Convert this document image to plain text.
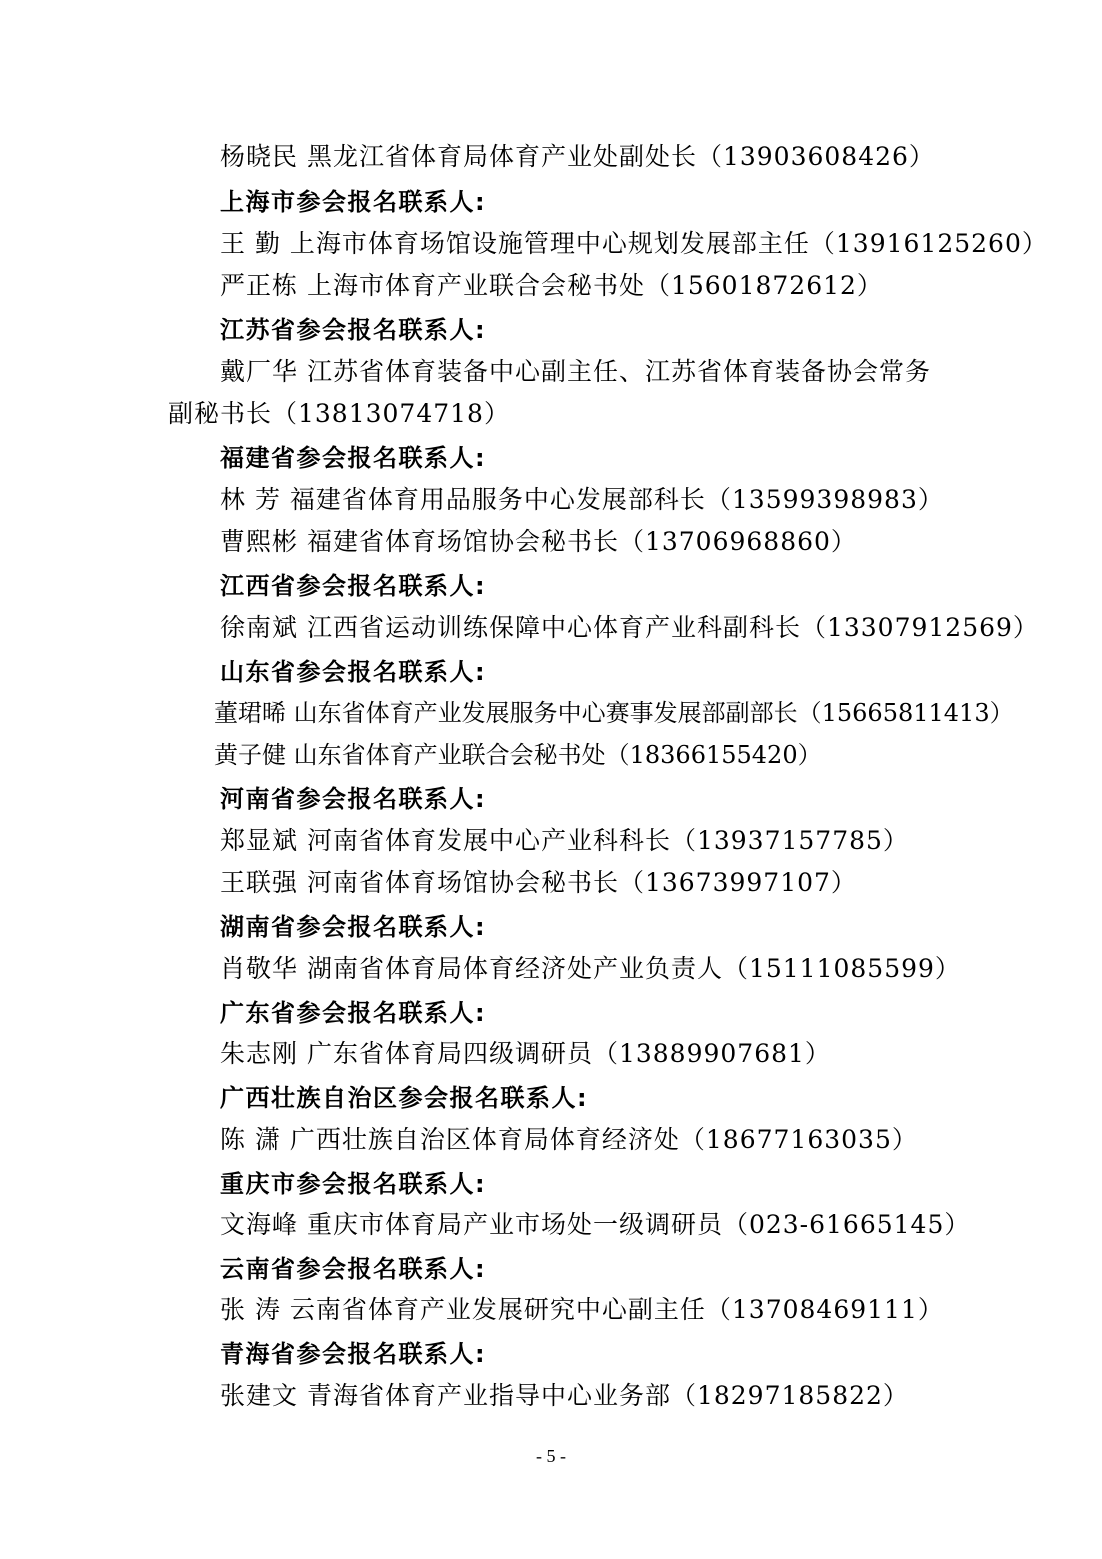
杨晓民 黑龙江省体育局体育产业处副处长（13903608426）
上海市参会报名联系人:
王 勤 上海市体育场馆设施管理中心规划发展部主任（13916125260）
严正栋 上海市体育产业联合会秘书处（15601872612）
江苏省参会报名联系人:
戴厂华 江苏省体育装备中心副主任、江苏省体育装备协会常务
副秘书长（13813074718）
福建省参会报名联系人:
林 芳 福建省体育用品服务中心发展部科长（13599398983）
曹熙彬 福建省体育场馆协会秘书长（13706968860）
江西省参会报名联系人:
徐南斌 江西省运动训练保障中心体育产业科副科长（13307912569）
山东省参会报名联系人:
董珺晞 山东省体育产业发展服务中心赛事发展部副部长（15665811413）
黄子健 山东省体育产业联合会秘书处（18366155420）
河南省参会报名联系人:
郑显斌 河南省体育发展中心产业科科长（13937157785）
王联强 河南省体育场馆协会秘书长（13673997107）
湖南省参会报名联系人:
肖敬华 湖南省体育局体育经济处产业负责人（15111085599）
广东省参会报名联系人:
朱志刚 广东省体育局四级调研员（13889907681）
广西壮族自治区参会报名联系人:
陈 潇 广西壮族自治区体育局体育经济处（18677163035）
重庆市参会报名联系人:
文海峰 重庆市体育局产业市场处一级调研员（023-61665145）
云南省参会报名联系人:
张 涛 云南省体育产业发展研究中心副主任（13708469111）
青海省参会报名联系人:
张建文 青海省体育产业指导中心业务部（18297185822）
- 5 -
